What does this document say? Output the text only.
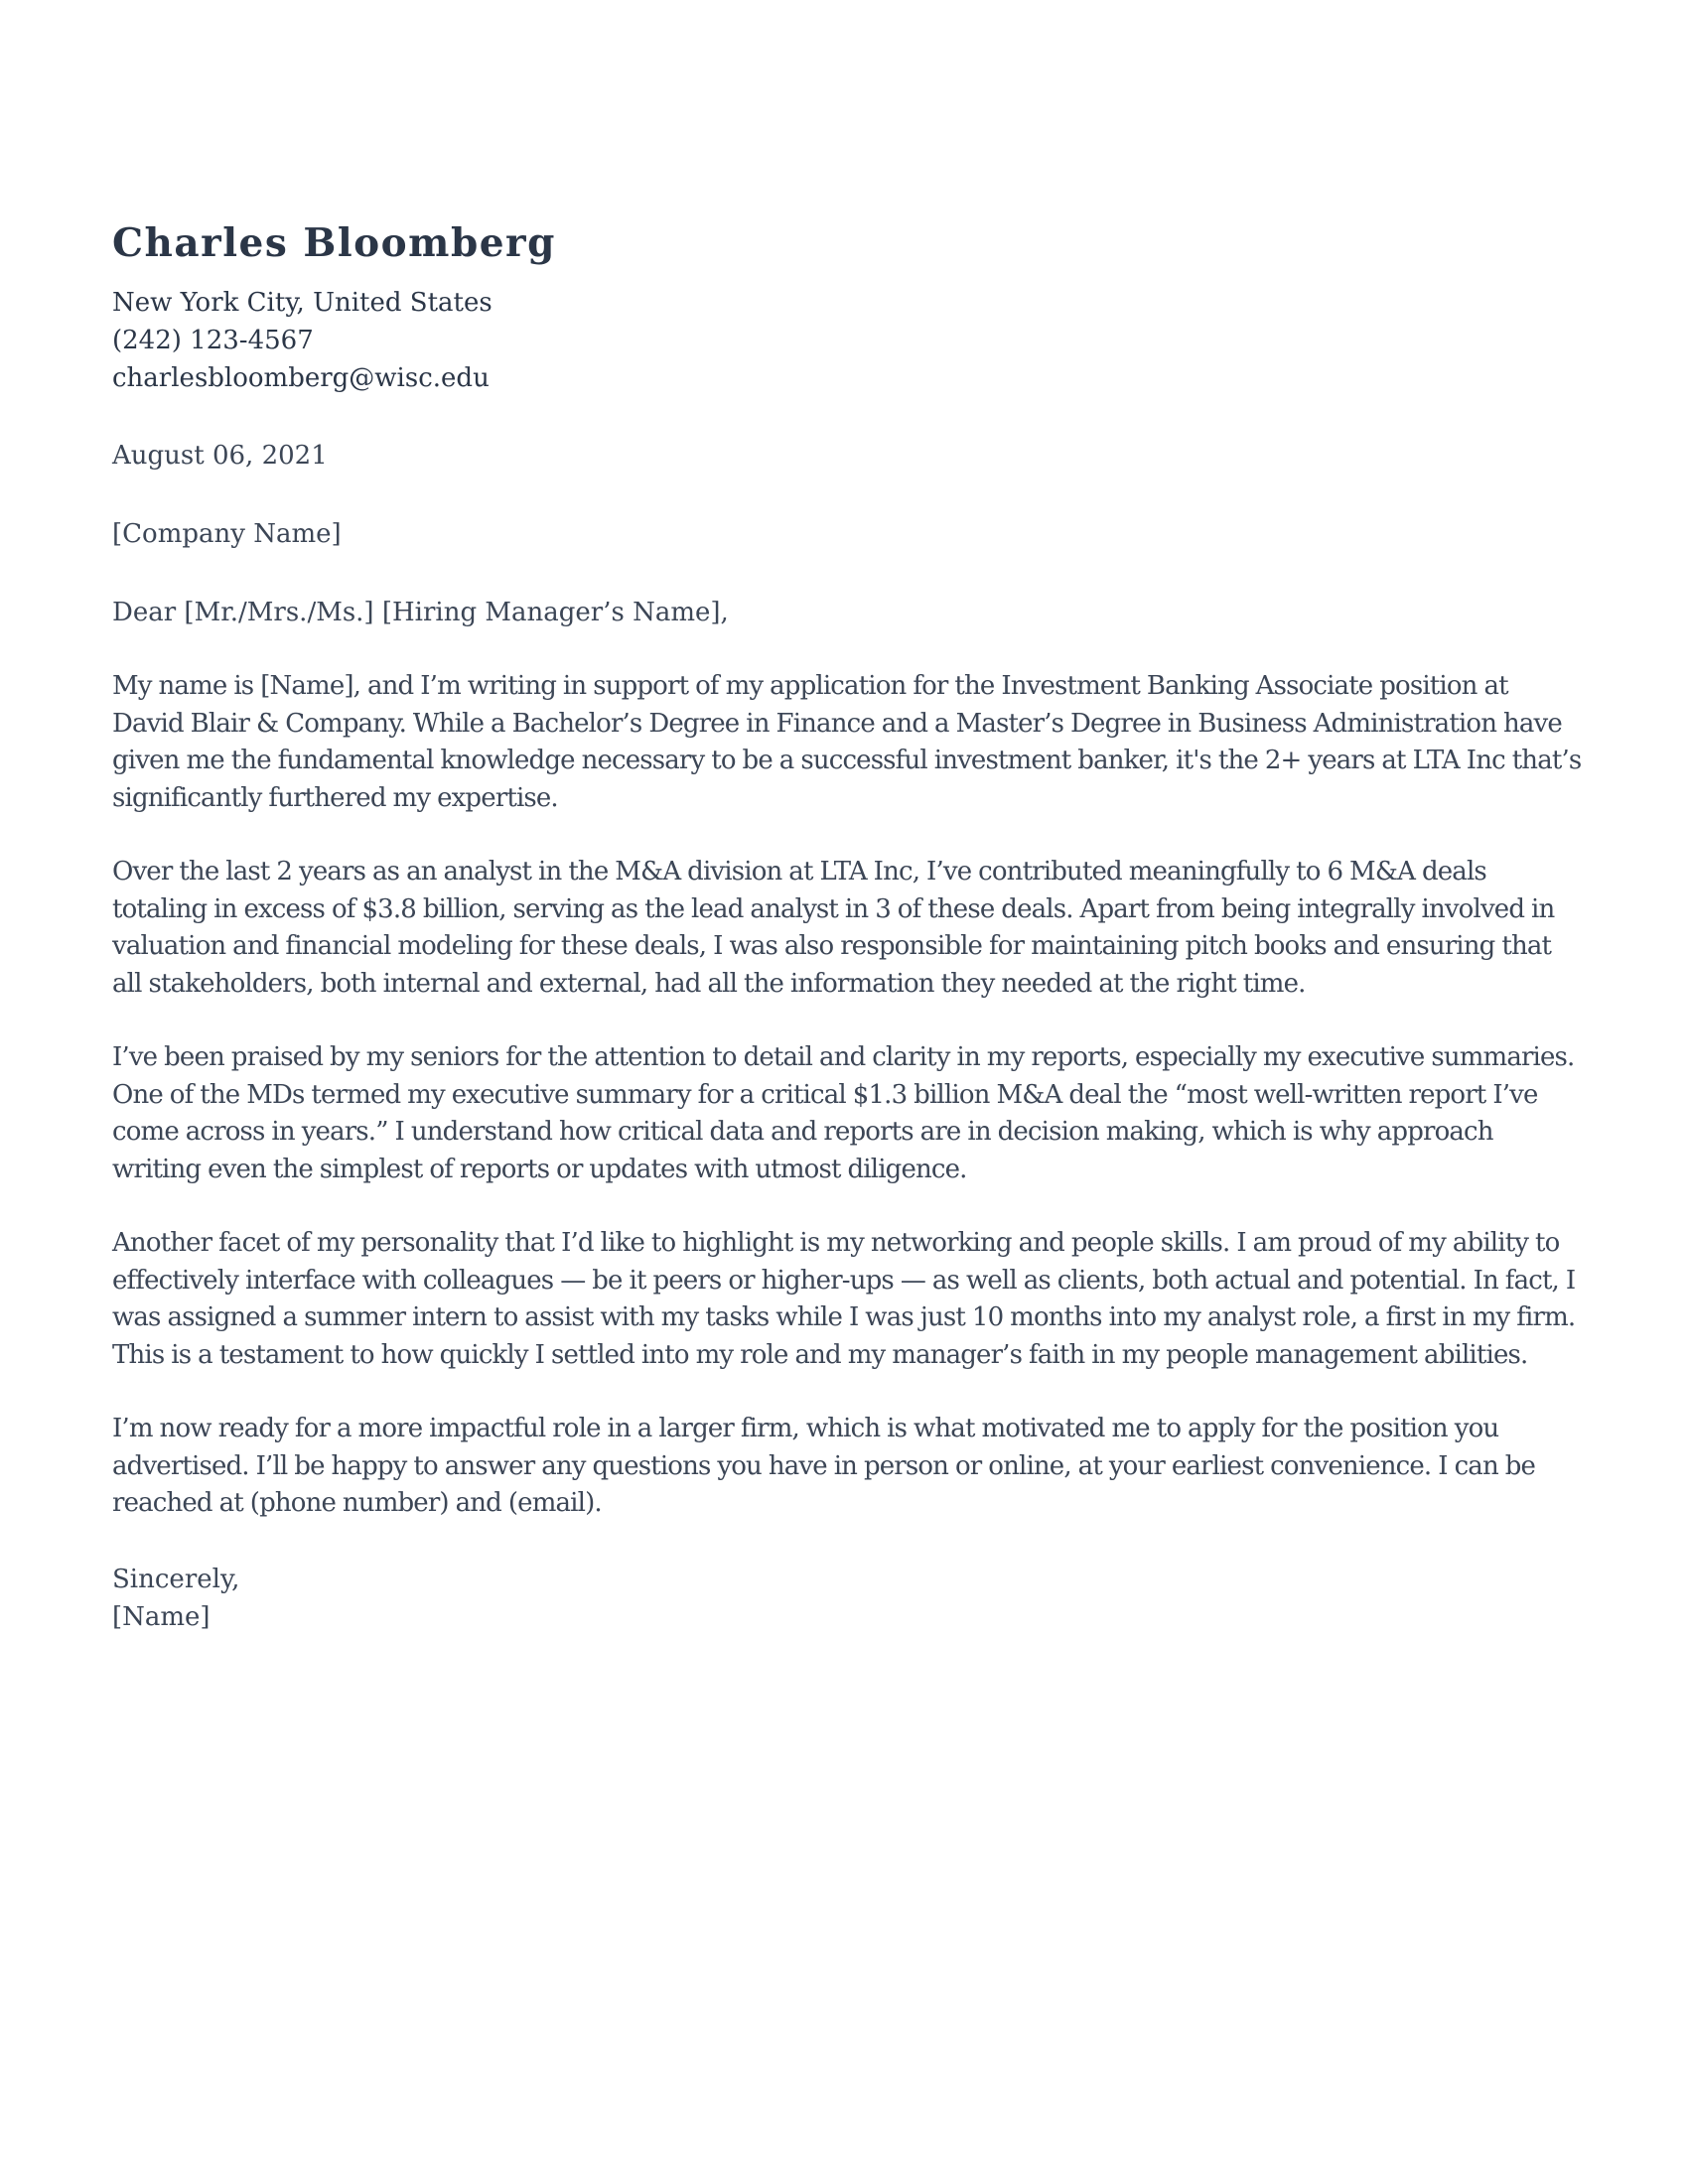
Charles Bloomberg
New York City, United States
(242) 123-4567
charlesbloomberg@wisc.edu
August 06, 2021
[Company Name]
Dear [Mr./Mrs./Ms.] [Hiring Manager’s Name],

My name is [Name], and I’m writing in support of my application for the Investment Banking Associate position at David Blair & Company. While a Bachelor’s Degree in Finance and a Master’s Degree in Business Administration have given me the fundamental knowledge necessary to be a successful investment banker, it's the 2+ years at LTA Inc that’s significantly furthered my expertise.

Over the last 2 years as an analyst in the M&A division at LTA Inc, I’ve contributed meaningfully to 6 M&A deals totaling in excess of $3.8 billion, serving as the lead analyst in 3 of these deals. Apart from being integrally involved in valuation and financial modeling for these deals, I was also responsible for maintaining pitch books and ensuring that all stakeholders, both internal and external, had all the information they needed at the right time.

I’ve been praised by my seniors for the attention to detail and clarity in my reports, especially my executive summaries. One of the MDs termed my executive summary for a critical $1.3 billion M&A deal the “most well-written report I’ve come across in years.” I understand how critical data and reports are in decision making, which is why approach writing even the simplest of reports or updates with utmost diligence.

Another facet of my personality that I’d like to highlight is my networking and people skills. I am proud of my ability to effectively interface with colleagues — be it peers or higher-ups — as well as clients, both actual and potential. In fact, I was assigned a summer intern to assist with my tasks while I was just 10 months into my analyst role, a first in my firm. This is a testament to how quickly I settled into my role and my manager’s faith in my people management abilities.

I’m now ready for a more impactful role in a larger firm, which is what motivated me to apply for the position you advertised. I’ll be happy to answer any questions you have in person or online, at your earliest convenience. I can be reached at (phone number) and (email).

Sincerely,
[Name]
